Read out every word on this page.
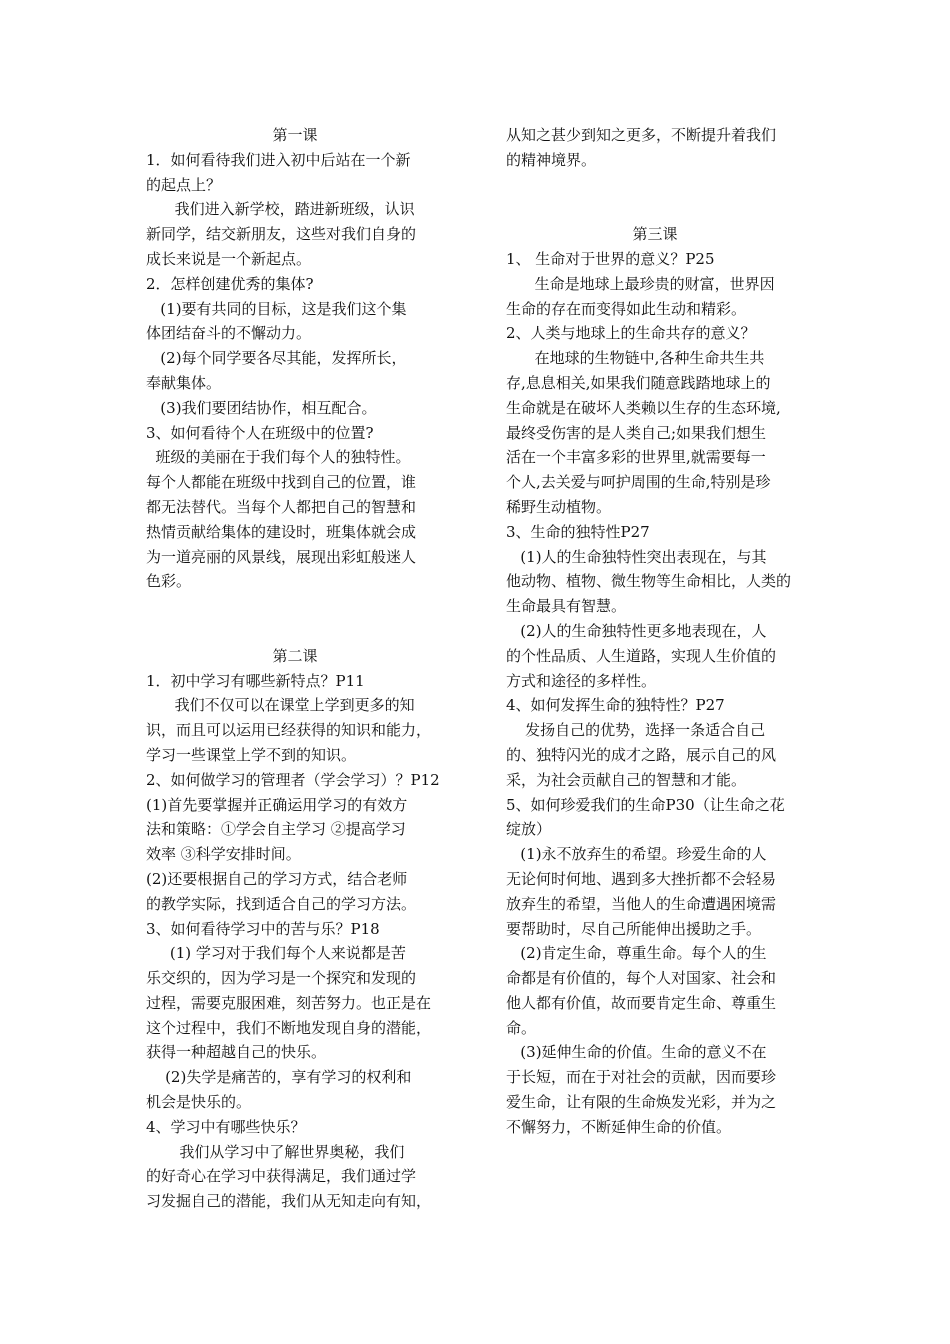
第一课
1．如何看待我们进入初中后站在一个新
的起点上？
我们进入新学校，踏进新班级，认识
新同学，结交新朋友，这些对我们自身的
成长来说是一个新起点。
2．怎样创建优秀的集体?
(1)要有共同的目标，这是我们这个集
体团结奋斗的不懈动力。
(2)每个同学要各尽其能，发挥所长，
奉献集体。
(3)我们要团结协作，相互配合。
3、如何看待个人在班级中的位置?
班级的美丽在于我们每个人的独特性。
每个人都能在班级中找到自己的位置，谁
都无法替代。当每个人都把自己的智慧和
热情贡献给集体的建设时，班集体就会成
为一道亮丽的风景线，展现出彩虹般迷人
色彩。
第二课
1．初中学习有哪些新特点？P11
我们不仅可以在课堂上学到更多的知
识，而且可以运用已经获得的知识和能力，
学习一些课堂上学不到的知识。
2、如何做学习的管理者（学会学习）？P12
(1)首先要掌握并正确运用学习的有效方
法和策略：①学会自主学习 ②提高学习
效率 ③科学安排时间。
(2)还要根据自己的学习方式，结合老师
的教学实际，找到适合自己的学习方法。
3、如何看待学习中的苦与乐？P18
(1) 学习对于我们每个人来说都是苦
乐交织的，因为学习是一个探究和发现的
过程，需要克服困难，刻苦努力。也正是在
这个过程中，我们不断地发现自身的潜能，
获得一种超越自己的快乐。
(2)失学是痛苦的，享有学习的权利和
机会是快乐的。
4、学习中有哪些快乐？
我们从学习中了解世界奥秘，我们
的好奇心在学习中获得满足，我们通过学
习发掘自己的潜能，我们从无知走向有知，
从知之甚少到知之更多，不断提升着我们
的精神境界。
第三课
1、 生命对于世界的意义？P25
生命是地球上最珍贵的财富，世界因
生命的存在而变得如此生动和精彩。
2、人类与地球上的生命共存的意义？
在地球的生物链中,各种生命共生共
存,息息相关,如果我们随意践踏地球上的
生命就是在破坏人类赖以生存的生态环境,
最终受伤害的是人类自己;如果我们想生
活在一个丰富多彩的世界里,就需要每一
个人,去关爱与呵护周围的生命,特别是珍
稀野生动植物。
3、生命的独特性P27
(1)人的生命独特性突出表现在，与其
他动物、植物、微生物等生命相比，人类的
生命最具有智慧。
(2)人的生命独特性更多地表现在，人
的个性品质、人生道路，实现人生价值的
方式和途径的多样性。
4、如何发挥生命的独特性？P27
发扬自己的优势，选择一条适合自己
的、独特闪光的成才之路，展示自己的风
采，为社会贡献自己的智慧和才能。
5、如何珍爱我们的生命P30（让生命之花
绽放）
(1)永不放弃生的希望。珍爱生命的人
无论何时何地、遇到多大挫折都不会轻易
放弃生的希望，当他人的生命遭遇困境需
要帮助时，尽自己所能伸出援助之手。
(2)肯定生命，尊重生命。每个人的生
命都是有价值的，每个人对国家、社会和
他人都有价值，故而要肯定生命、尊重生
命。
(3)延伸生命的价值。生命的意义不在
于长短，而在于对社会的贡献，因而要珍
爱生命，让有限的生命焕发光彩，并为之
不懈努力，不断延伸生命的价值。
